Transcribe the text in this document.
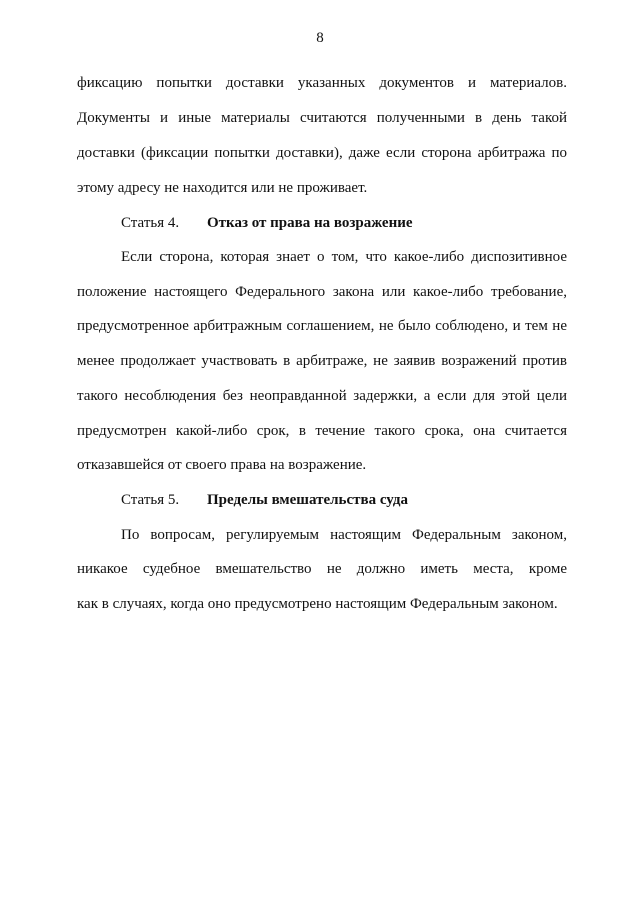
8
фиксацию попытки доставки указанных документов и материалов.
Документы и иные материалы считаются полученными в день такой
доставки (фиксации попытки доставки), даже если сторона арбитража по
этому адресу не находится или не проживает.
Статья 4. Отказ от права на возражение
Если сторона, которая знает о том, что какое-либо диспозитивное
положение настоящего Федерального закона или какое-либо требование,
предусмотренное арбитражным соглашением, не было соблюдено, и тем не
менее продолжает участвовать в арбитраже, не заявив возражений против
такого несоблюдения без неоправданной задержки, а если для этой цели
предусмотрен какой-либо срок, в течение такого срока, она считается
отказавшейся от своего права на возражение.
Статья 5. Пределы вмешательства суда
По вопросам, регулируемым настоящим Федеральным законом,
никакое судебное вмешательство не должно иметь места, кроме
как в случаях, когда оно предусмотрено настоящим Федеральным законом.
